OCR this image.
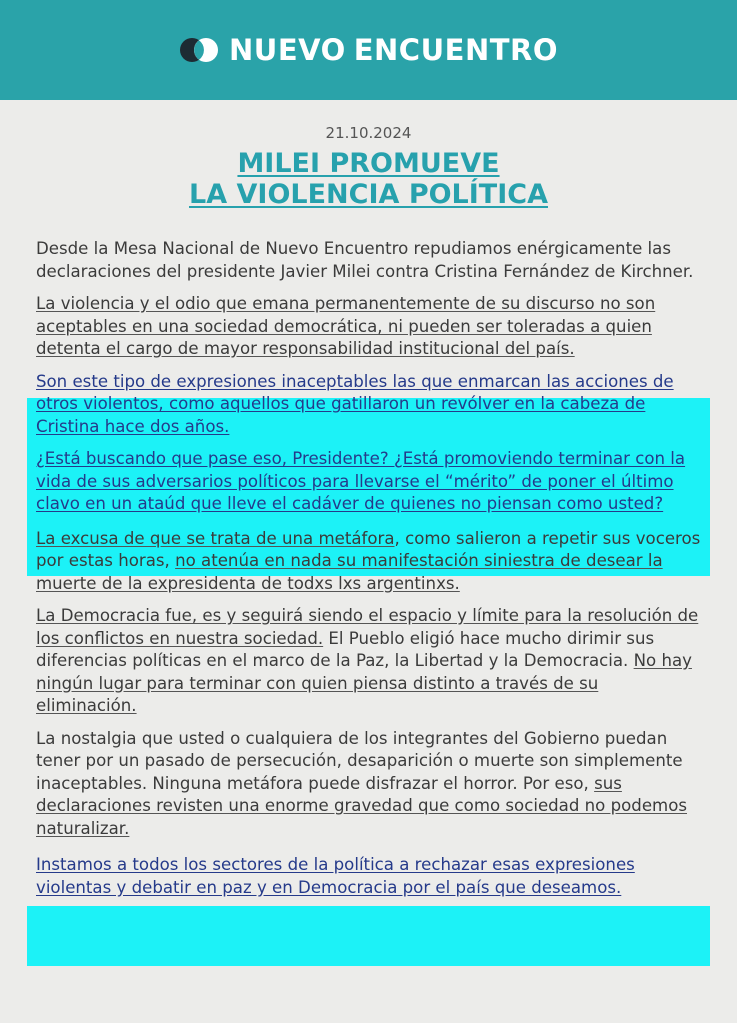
NUEVO ENCUENTRO
21.10.2024
MILEI PROMUEVE
LA VIOLENCIA POLÍTICA

Desde la Mesa Nacional de Nuevo Encuentro repudiamos enérgicamente las declaraciones del presidente Javier Milei contra Cristina Fernández de Kirchner.

La violencia y el odio que emana permanentemente de su discurso no son aceptables en una sociedad democrática, ni pueden ser toleradas a quien detenta el cargo de mayor responsabilidad institucional del país.

Son este tipo de expresiones inaceptables las que enmarcan las acciones de otros violentos, como aquellos que gatillaron un revólver en la cabeza de Cristina hace dos años.

¿Está buscando que pase eso, Presidente? ¿Está promoviendo terminar con la vida de sus adversarios políticos para llevarse el “mérito” de poner el último clavo en un ataúd que lleve el cadáver de quienes no piensan como usted?

La excusa de que se trata de una metáfora, como salieron a repetir sus voceros por estas horas, no atenúa en nada su manifestación siniestra de desear la muerte de la expresidenta de todxs lxs argentinxs.

La Democracia fue, es y seguirá siendo el espacio y límite para la resolución de los conflictos en nuestra sociedad. El Pueblo eligió hace mucho dirimir sus diferencias políticas en el marco de la Paz, la Libertad y la Democracia. No hay ningún lugar para terminar con quien piensa distinto a través de su eliminación.

La nostalgia que usted o cualquiera de los integrantes del Gobierno puedan tener por un pasado de persecución, desaparición o muerte son simplemente inaceptables. Ninguna metáfora puede disfrazar el horror. Por eso, sus declaraciones revisten una enorme gravedad que como sociedad no podemos naturalizar.

Instamos a todos los sectores de la política a rechazar esas expresiones violentas y debatir en paz y en Democracia por el país que deseamos.
